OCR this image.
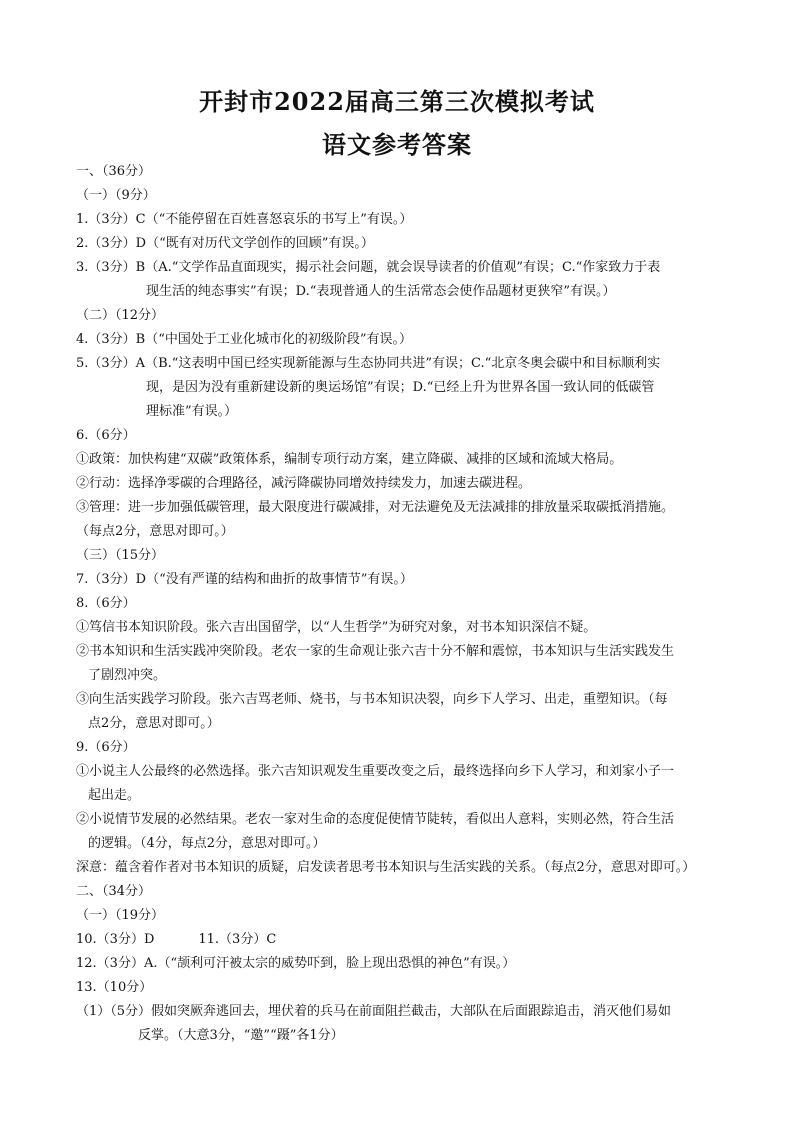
开封市2022届高三第三次模拟考试
语文参考答案
一、（36分）
（一）（9分）
1.（3分）C（“不能停留在百姓喜怒哀乐的书写上”有误。）
2.（3分）D（“既有对历代文学创作的回顾”有误。）
3.（3分）B（A.“文学作品直面现实，揭示社会问题，就会误导读者的价值观”有误；C.“作家致力于表
现生活的纯态事实”有误；D.“表现普通人的生活常态会使作品题材更狭窄”有误。）
（二）（12分）
4.（3分）B（“中国处于工业化城市化的初级阶段”有误。）
5.（3分）A（B.“这表明中国已经实现新能源与生态协同共进”有误；C.“北京冬奥会碳中和目标顺利实
现，是因为没有重新建设新的奥运场馆”有误；D.“已经上升为世界各国一致认同的低碳管
理标准”有误。）
6.（6分）
①政策：加快构建“双碳”政策体系，编制专项行动方案，建立降碳、减排的区域和流域大格局。
②行动：选择净零碳的合理路径，减污降碳协同增效持续发力，加速去碳进程。
③管理：进一步加强低碳管理，最大限度进行碳减排，对无法避免及无法减排的排放量采取碳抵消措施。
（每点2分，意思对即可。）
（三）（15分）
7.（3分）D（“没有严谨的结构和曲折的故事情节”有误。）
8.（6分）
①笃信书本知识阶段。张六吉出国留学，以“人生哲学”为研究对象，对书本知识深信不疑。
②书本知识和生活实践冲突阶段。老农一家的生命观让张六吉十分不解和震惊，书本知识与生活实践发生
了剧烈冲突。
③向生活实践学习阶段。张六吉骂老师、烧书，与书本知识决裂，向乡下人学习、出走，重塑知识。（每
点2分，意思对即可。）
9.（6分）
①小说主人公最终的必然选择。张六吉知识观发生重要改变之后，最终选择向乡下人学习，和刘家小子一
起出走。
②小说情节发展的必然结果。老农一家对生命的态度促使情节陡转，看似出人意料，实则必然，符合生活
的逻辑。（4分，每点2分，意思对即可。）
深意：蕴含着作者对书本知识的质疑，启发读者思考书本知识与生活实践的关系。（每点2分，意思对即可。）
二、（34分）
（一）（19分）
10.（3分）D	11.（3分）C
12.（3分）A.（“颉利可汗被太宗的威势吓到，脸上现出恐惧的神色”有误。）
13.（10分）
（1）（5分）假如突厥奔逃回去，埋伏着的兵马在前面阻拦截击，大部队在后面跟踪追击，消灭他们易如
反掌。（大意3分，“邀”“蹑”各1分）
